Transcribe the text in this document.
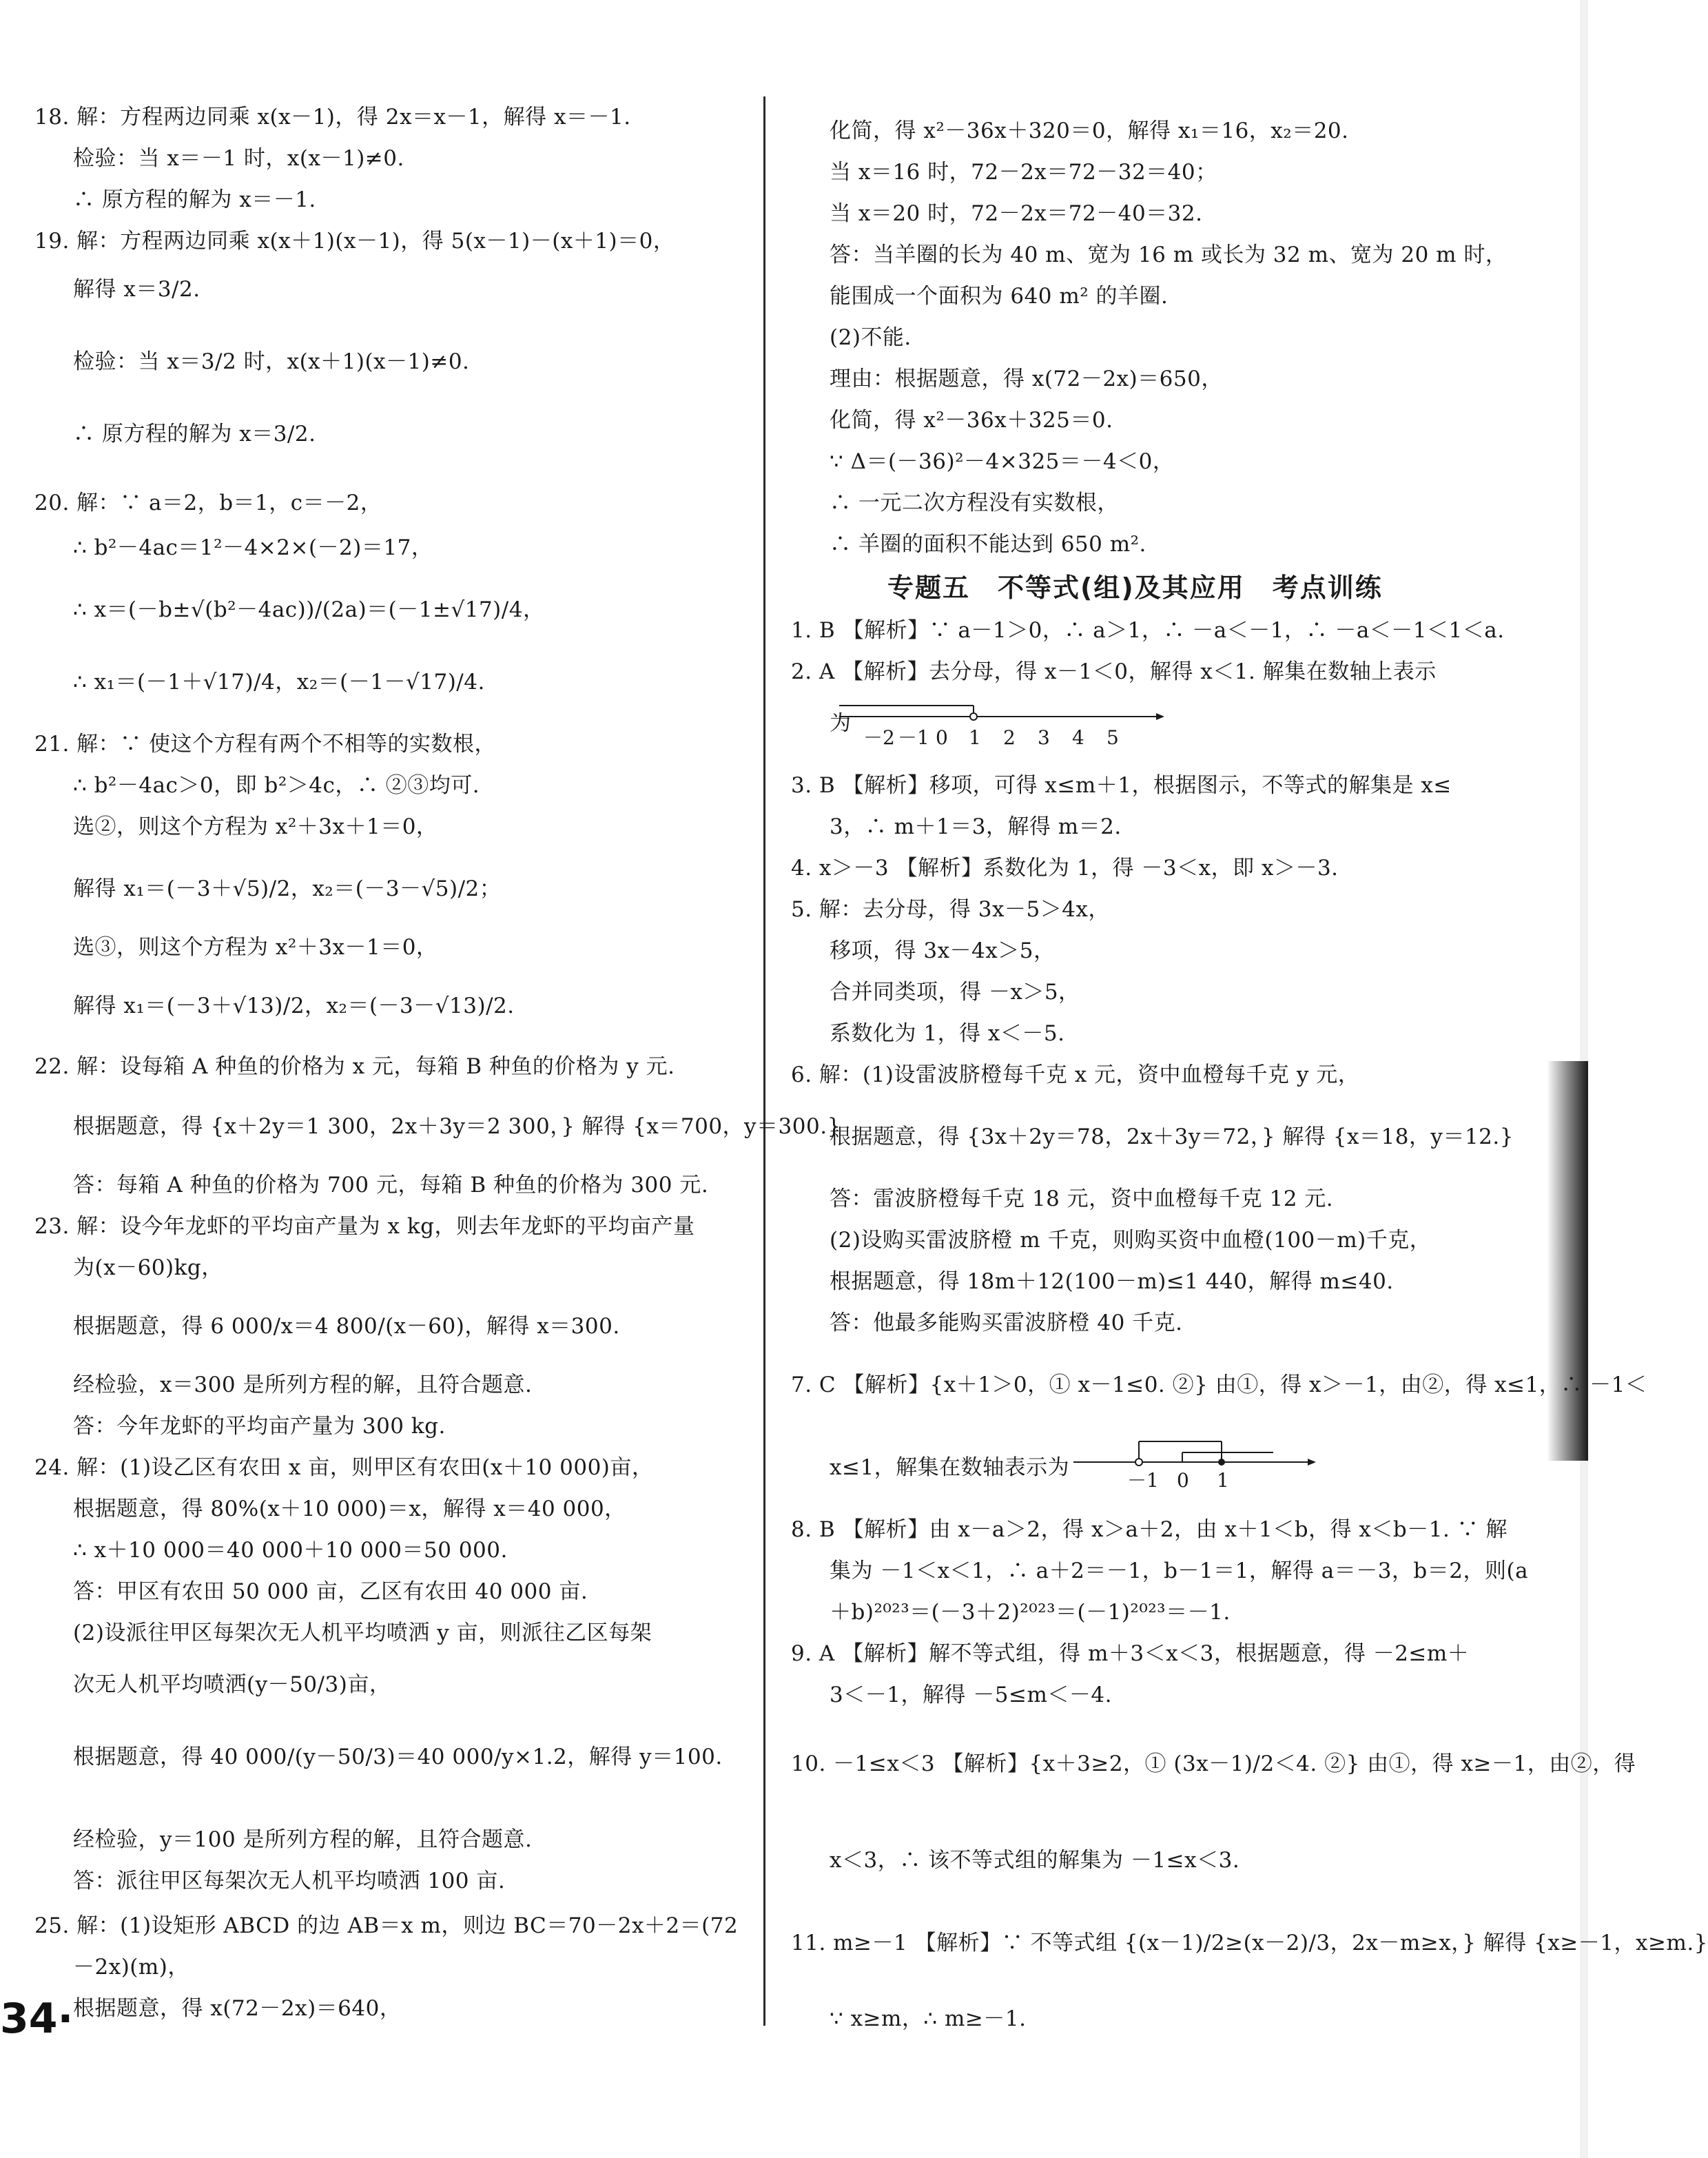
18. 解：方程两边同乘 x(x－1)，得 2x＝x－1，解得 x＝－1.
检验：当 x＝－1 时，x(x－1)≠0.
∴ 原方程的解为 x＝－1.
19. 解：方程两边同乘 x(x＋1)(x－1)，得 5(x－1)－(x＋1)＝0，
解得 x＝3/2.
检验：当 x＝3/2 时，x(x＋1)(x－1)≠0.
∴ 原方程的解为 x＝3/2.
20. 解：∵ a＝2，b＝1，c＝－2，
∴ b²－4ac＝1²－4×2×(－2)＝17，
∴ x＝(－b±√(b²－4ac))/(2a)＝(－1±√17)/4，
∴ x₁＝(－1＋√17)/4，x₂＝(－1－√17)/4.
21. 解：∵ 使这个方程有两个不相等的实数根，
∴ b²－4ac＞0，即 b²＞4c，∴ ②③均可.
选②，则这个方程为 x²＋3x＋1＝0，
解得 x₁＝(－3＋√5)/2，x₂＝(－3－√5)/2；
选③，则这个方程为 x²＋3x－1＝0，
解得 x₁＝(－3＋√13)/2，x₂＝(－3－√13)/2.
22. 解：设每箱 A 种鱼的价格为 x 元，每箱 B 种鱼的价格为 y 元.
根据题意，得 {x＋2y＝1 300，2x＋3y＝2 300，} 解得 {x＝700，y＝300.}
答：每箱 A 种鱼的价格为 700 元，每箱 B 种鱼的价格为 300 元.
23. 解：设今年龙虾的平均亩产量为 x kg，则去年龙虾的平均亩产量
为(x－60)kg，
根据题意，得 6 000/x＝4 800/(x－60)，解得 x＝300.
经检验，x＝300 是所列方程的解，且符合题意.
答：今年龙虾的平均亩产量为 300 kg.
24. 解：(1)设乙区有农田 x 亩，则甲区有农田(x＋10 000)亩，
根据题意，得 80%(x＋10 000)＝x，解得 x＝40 000，
∴ x＋10 000＝40 000＋10 000＝50 000.
答：甲区有农田 50 000 亩，乙区有农田 40 000 亩.
(2)设派往甲区每架次无人机平均喷洒 y 亩，则派往乙区每架
次无人机平均喷洒(y－50/3)亩，
根据题意，得 40 000/(y－50/3)＝40 000/y×1.2，解得 y＝100.
经检验，y＝100 是所列方程的解，且符合题意.
答：派往甲区每架次无人机平均喷洒 100 亩.
25. 解：(1)设矩形 ABCD 的边 AB＝x m，则边 BC＝70－2x＋2＝(72
－2x)(m)，
根据题意，得 x(72－2x)＝640，
化简，得 x²－36x＋320＝0，解得 x₁＝16，x₂＝20.
当 x＝16 时，72－2x＝72－32＝40；
当 x＝20 时，72－2x＝72－40＝32.
答：当羊圈的长为 40 m、宽为 16 m 或长为 32 m、宽为 20 m 时，
能围成一个面积为 640 m² 的羊圈.
(2)不能.
理由：根据题意，得 x(72－2x)＝650，
化简，得 x²－36x＋325＝0.
∵ Δ＝(－36)²－4×325＝－4＜0，
∴ 一元二次方程没有实数根，
∴ 羊圈的面积不能达到 650 m².
专题五　不等式(组)及其应用　考点训练
1. B 【解析】∵ a－1＞0，∴ a＞1，∴ －a＜－1，∴ －a＜－1＜1＜a.
2. A 【解析】去分母，得 x－1＜0，解得 x＜1. 解集在数轴上表示
为
－2 －1 0 1 2 3 4 5
3. B 【解析】移项，可得 x≤m＋1，根据图示，不等式的解集是 x≤
3，∴ m＋1＝3，解得 m＝2.
4. x＞－3 【解析】系数化为 1，得 －3＜x，即 x＞－3.
5. 解：去分母，得 3x－5＞4x，
移项，得 3x－4x＞5，
合并同类项，得 －x＞5，
系数化为 1，得 x＜－5.
6. 解：(1)设雷波脐橙每千克 x 元，资中血橙每千克 y 元，
根据题意，得 {3x＋2y＝78，2x＋3y＝72，} 解得 {x＝18，y＝12.}
答：雷波脐橙每千克 18 元，资中血橙每千克 12 元.
(2)设购买雷波脐橙 m 千克，则购买资中血橙(100－m)千克，
根据题意，得 18m＋12(100－m)≤1 440，解得 m≤40.
答：他最多能购买雷波脐橙 40 千克.
7. C 【解析】{x＋1＞0，① x－1≤0. ②} 由①，得 x＞－1，由②，得 x≤1，∴ －1＜
x≤1，解集在数轴表示为
－1 0 1
8. B 【解析】由 x－a＞2，得 x＞a＋2，由 x＋1＜b，得 x＜b－1. ∵ 解
集为 －1＜x＜1，∴ a＋2＝－1，b－1＝1，解得 a＝－3，b＝2，则(a
＋b)²⁰²³＝(－3＋2)²⁰²³＝(－1)²⁰²³＝－1.
9. A 【解析】解不等式组，得 m＋3＜x＜3，根据题意，得 －2≤m＋
3＜－1，解得 －5≤m＜－4.
10. －1≤x＜3 【解析】{x＋3≥2，① (3x－1)/2＜4. ②} 由①，得 x≥－1，由②，得
x＜3，∴ 该不等式组的解集为 －1≤x＜3.
11. m≥－1 【解析】∵ 不等式组 {(x－1)/2≥(x－2)/3，2x－m≥x，} 解得 {x≥－1，x≥m.}
∵ x≥m，∴ m≥－1.
34·
